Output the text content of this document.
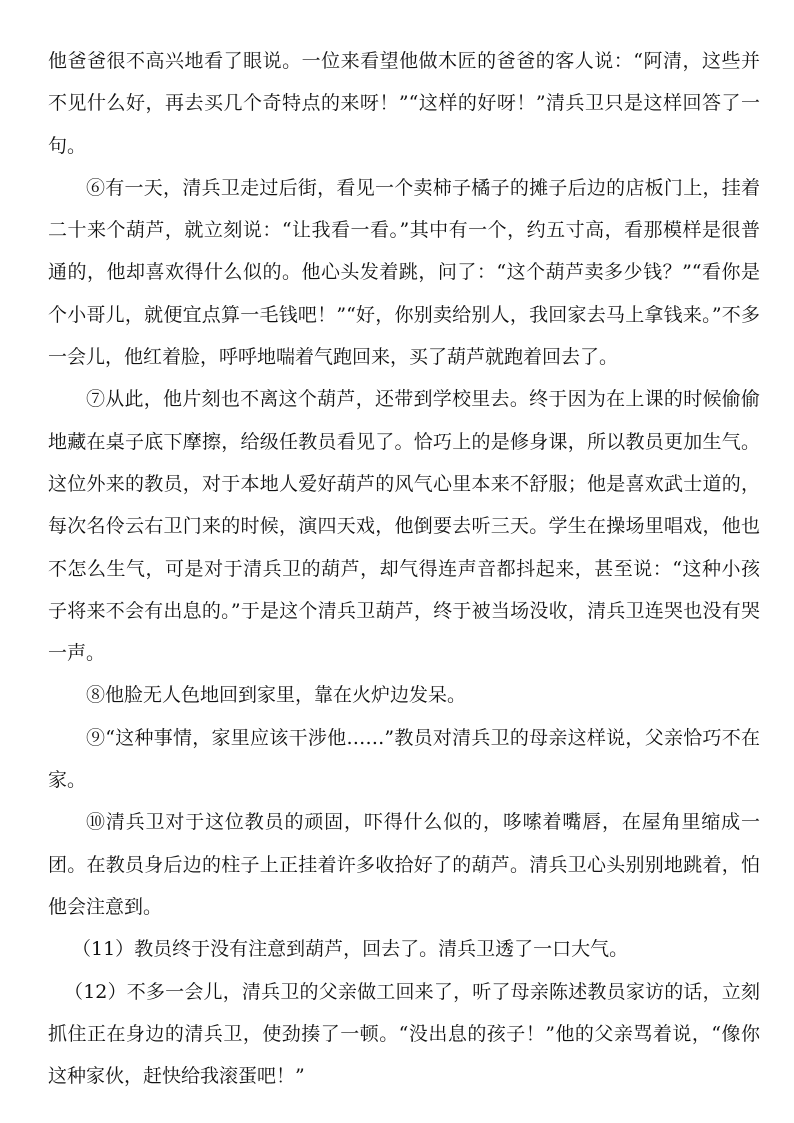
他爸爸很不高兴地看了眼说。一位来看望他做木匠的爸爸的客人说：“阿清，这些并不见什么好，再去买几个奇特点的来呀！”“这样的好呀！”清兵卫只是这样回答了一句。

⑥有一天，清兵卫走过后街，看见一个卖柿子橘子的摊子后边的店板门上，挂着二十来个葫芦，就立刻说：“让我看一看。”其中有一个，约五寸高，看那模样是很普通的，他却喜欢得什么似的。他心头发着跳，问了：“这个葫芦卖多少钱？”“看你是个小哥儿，就便宜点算一毛钱吧！”“好，你别卖给别人，我回家去马上拿钱来。”不多一会儿，他红着脸，呼呼地喘着气跑回来，买了葫芦就跑着回去了。

⑦从此，他片刻也不离这个葫芦，还带到学校里去。终于因为在上课的时候偷偷地藏在桌子底下摩擦，给级任教员看见了。恰巧上的是修身课，所以教员更加生气。这位外来的教员，对于本地人爱好葫芦的风气心里本来不舒服；他是喜欢武士道的，每次名伶云右卫门来的时候，演四天戏，他倒要去听三天。学生在操场里唱戏，他也不怎么生气，可是对于清兵卫的葫芦，却气得连声音都抖起来，甚至说：“这种小孩子将来不会有出息的。”于是这个清兵卫葫芦，终于被当场没收，清兵卫连哭也没有哭一声。

⑧他脸无人色地回到家里，靠在火炉边发呆。

⑨“这种事情，家里应该干涉他……”教员对清兵卫的母亲这样说，父亲恰巧不在家。

⑩清兵卫对于这位教员的顽固，吓得什么似的，哆嗦着嘴唇，在屋角里缩成一团。在教员身后边的柱子上正挂着许多收拾好了的葫芦。清兵卫心头别别地跳着，怕他会注意到。

（11）教员终于没有注意到葫芦，回去了。清兵卫透了一口大气。

（12）不多一会儿，清兵卫的父亲做工回来了，听了母亲陈述教员家访的话，立刻抓住正在身边的清兵卫，使劲揍了一顿。“没出息的孩子！”他的父亲骂着说，“像你这种家伙，赶快给我滚蛋吧！”
